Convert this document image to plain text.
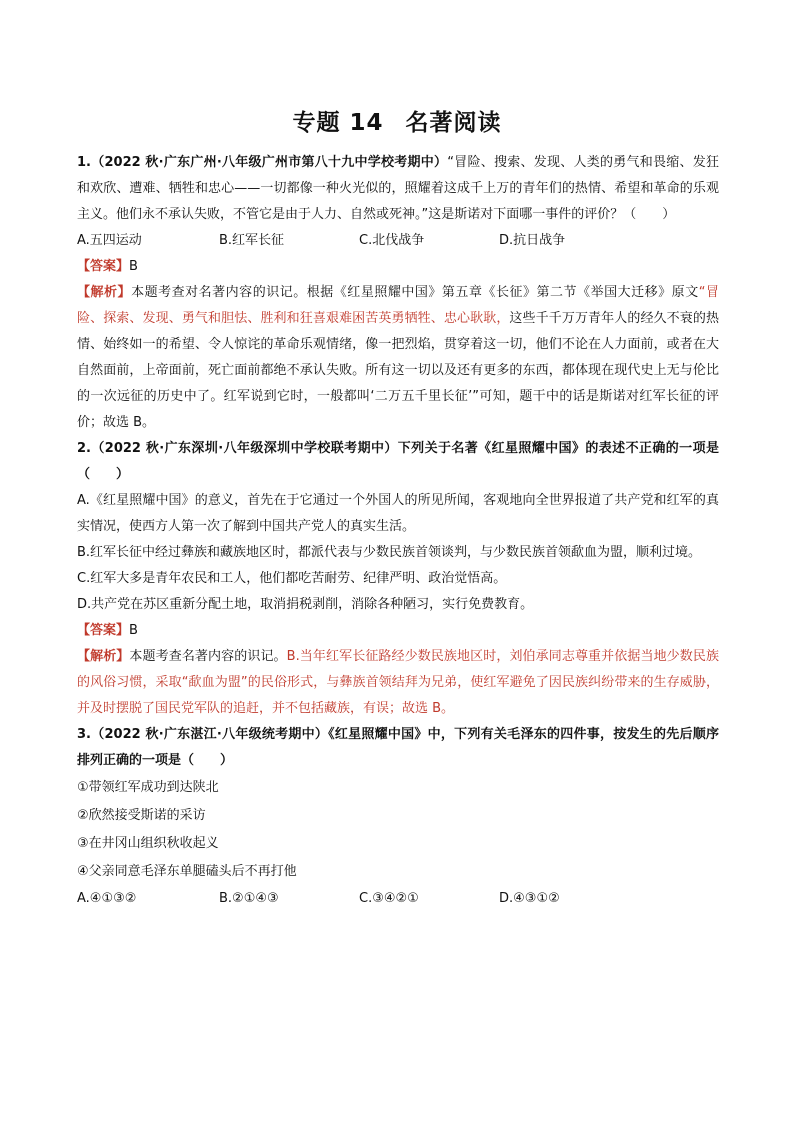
专题 14 名著阅读

1.（2022 秋·广东广州·八年级广州市第八十九中学校考期中）“冒险、搜索、发现、人类的勇气和畏缩、发狂和欢欣、遭难、牺牲和忠心——一切都像一种火光似的，照耀着这成千上万的青年们的热情、希望和革命的乐观主义。他们永不承认失败，不管它是由于人力、自然或死神。”这是斯诺对下面哪一事件的评价？（　　）

A.五四运动	B.红军长征	C.北伐战争	D.抗日战争

【答案】B

【解析】本题考查对名著内容的识记。根据《红星照耀中国》第五章《长征》第二节《举国大迁移》原文“冒险、探索、发现、勇气和胆怯、胜利和狂喜艰难困苦英勇牺牲、忠心耿耿，这些千千万万青年人的经久不衰的热情、始终如一的希望、令人惊诧的革命乐观情绪，像一把烈焰，贯穿着这一切，他们不论在人力面前，或者在大自然面前，上帝面前，死亡面前都绝不承认失败。所有这一切以及还有更多的东西，都体现在现代史上无与伦比的一次远征的历史中了。红军说到它时，一般都叫‘二万五千里长征’”可知，题干中的话是斯诺对红军长征的评价；故选 B。

2.（2022 秋·广东深圳·八年级深圳中学校联考期中）下列关于名著《红星照耀中国》的表述不正确的一项是（　　）

A.《红星照耀中国》的意义，首先在于它通过一个外国人的所见所闻，客观地向全世界报道了共产党和红军的真实情况，使西方人第一次了解到中国共产党人的真实生活。

B.红军长征中经过彝族和藏族地区时，都派代表与少数民族首领谈判，与少数民族首领歃血为盟，顺利过境。

C.红军大多是青年农民和工人，他们都吃苦耐劳、纪律严明、政治觉悟高。

D.共产党在苏区重新分配土地，取消捐税剥削，消除各种陋习，实行免费教育。

【答案】B

【解析】本题考查名著内容的识记。B.当年红军长征路经少数民族地区时，刘伯承同志尊重并依据当地少数民族的风俗习惯，采取“歃血为盟”的民俗形式，与彝族首领结拜为兄弟，使红军避免了因民族纠纷带来的生存威胁，并及时摆脱了国民党军队的追赶，并不包括藏族，有误；故选 B。

3.（2022 秋·广东湛江·八年级统考期中）《红星照耀中国》中，下列有关毛泽东的四件事，按发生的先后顺序排列正确的一项是（　　）

①带领红军成功到达陕北
②欣然接受斯诺的采访
③在井冈山组织秋收起义
④父亲同意毛泽东单腿磕头后不再打他
A.④①③②	B.②①④③	C.③④②①	D.④③①②
